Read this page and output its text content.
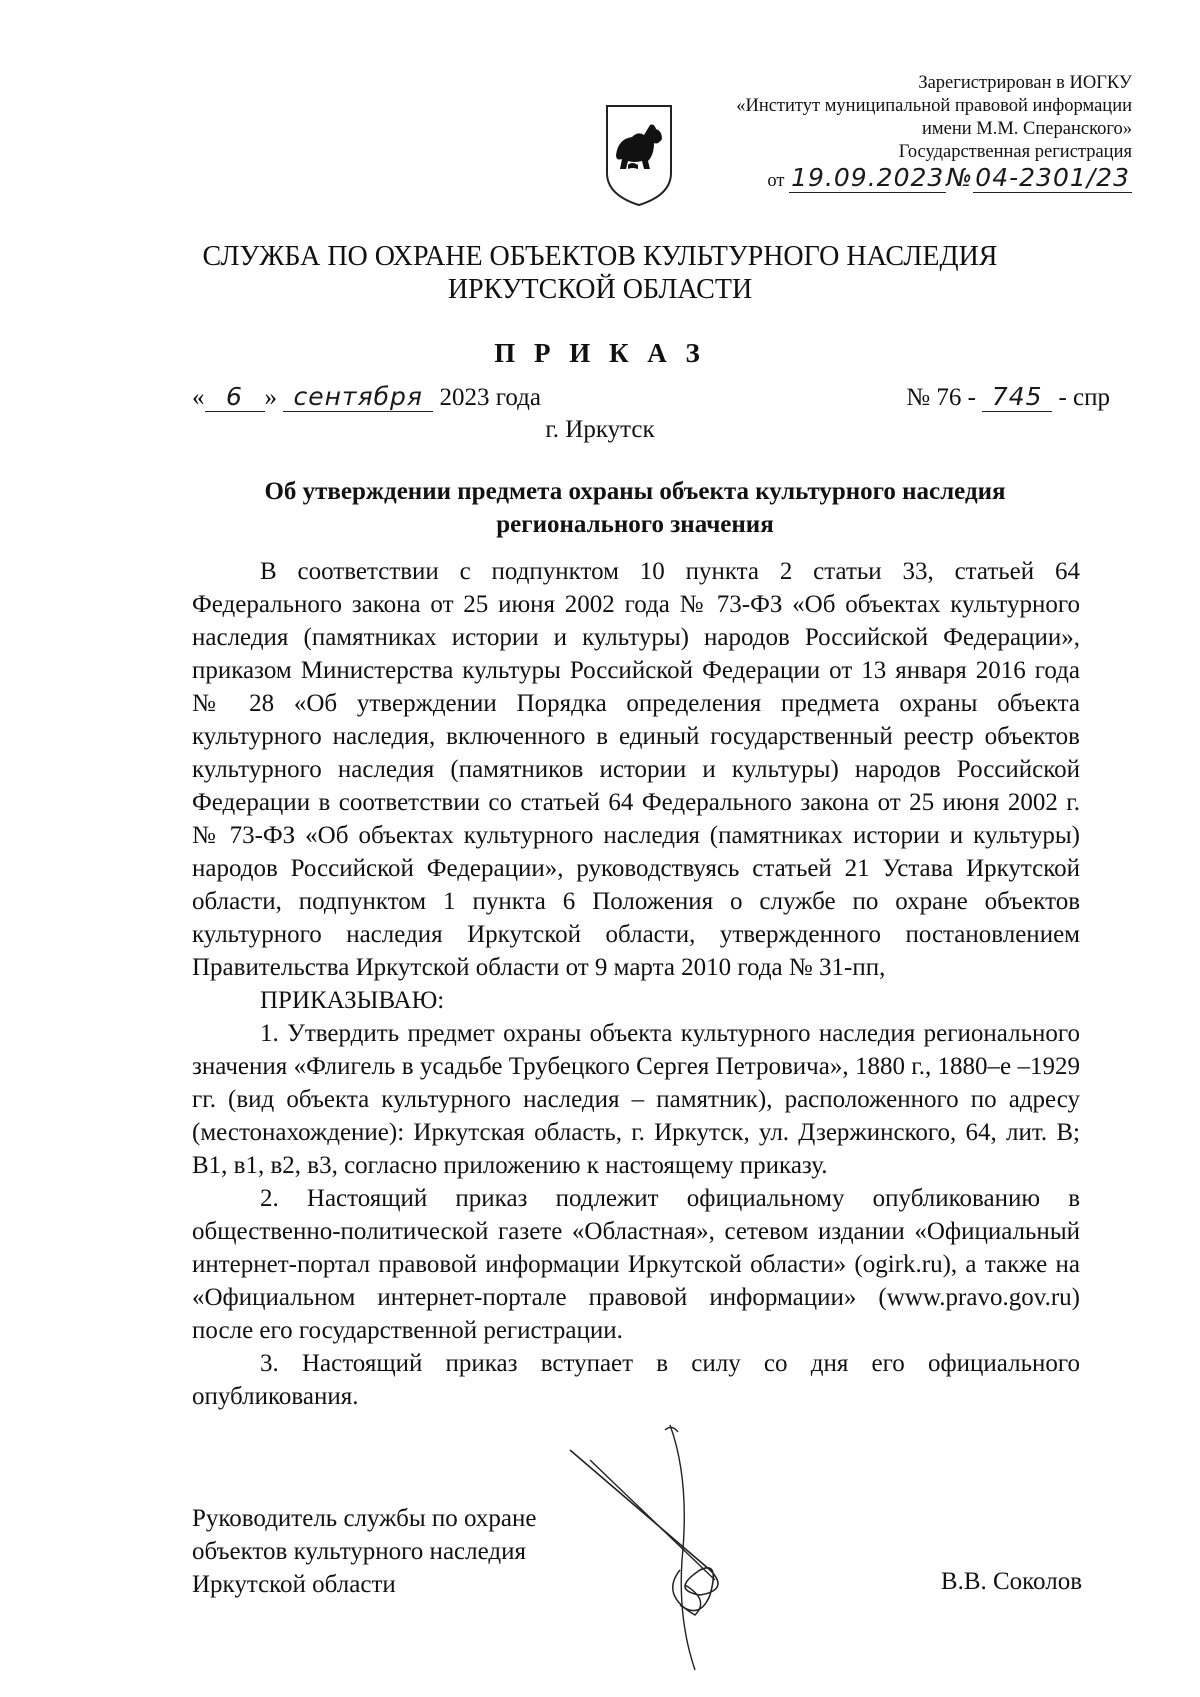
Зарегистрирован в ИОГКУ
«Институт муниципальной правовой информации
имени М.М. Сперанского»
Государственная регистрация
от 19.09.2023№04-2301/23
СЛУЖБА ПО ОХРАНЕ ОБЪЕКТОВ КУЛЬТУРНОГО НАСЛЕДИЯ
ИРКУТСКОЙ ОБЛАСТИ
П Р И К А З
« 6 » сентября 2023 года	№ 76 - 745 - спр
г. Иркутск
Об утверждении предмета охраны объекта культурного наследия
регионального значения

В соответствии с подпунктом 10 пункта 2 статьи 33, статьей 64 Федерального закона от 25 июня 2002 года № 73-ФЗ «Об объектах культурного наследия (памятниках истории и культуры) народов Российской Федерации», приказом Министерства культуры Российской Федерации от 13 января 2016 года № 28 «Об утверждении Порядка определения предмета охраны объекта культурного наследия, включенного в единый государственный реестр объектов культурного наследия (памятников истории и культуры) народов Российской Федерации в соответствии со статьей 64 Федерального закона от 25 июня 2002 г. № 73-ФЗ «Об объектах культурного наследия (памятниках истории и культуры) народов Российской Федерации», руководствуясь статьей 21 Устава Иркутской области, подпунктом 1 пункта 6 Положения о службе по охране объектов культурного наследия Иркутской области, утвержденного постановлением Правительства Иркутской области от 9 марта 2010 года № 31-пп,

ПРИКАЗЫВАЮ:

1. Утвердить предмет охраны объекта культурного наследия регионального значения «Флигель в усадьбе Трубецкого Сергея Петровича», 1880 г., 1880–е –1929 гг. (вид объекта культурного наследия – памятник), расположенного по адресу (местонахождение): Иркутская область, г. Иркутск, ул. Дзержинского, 64, лит. В; В1, в1, в2, в3, согласно приложению к настоящему приказу.

2. Настоящий приказ подлежит официальному опубликованию в общественно-политической газете «Областная», сетевом издании «Официальный интернет-портал правовой информации Иркутской области» (ogirk.ru), а также на «Официальном интернет-портале правовой информации» (www.pravo.gov.ru) после его государственной регистрации.

3. Настоящий приказ вступает в силу со дня его официального опубликования.

Руководитель службы по охране
объектов культурного наследия
Иркутской области	В.В. Соколов
